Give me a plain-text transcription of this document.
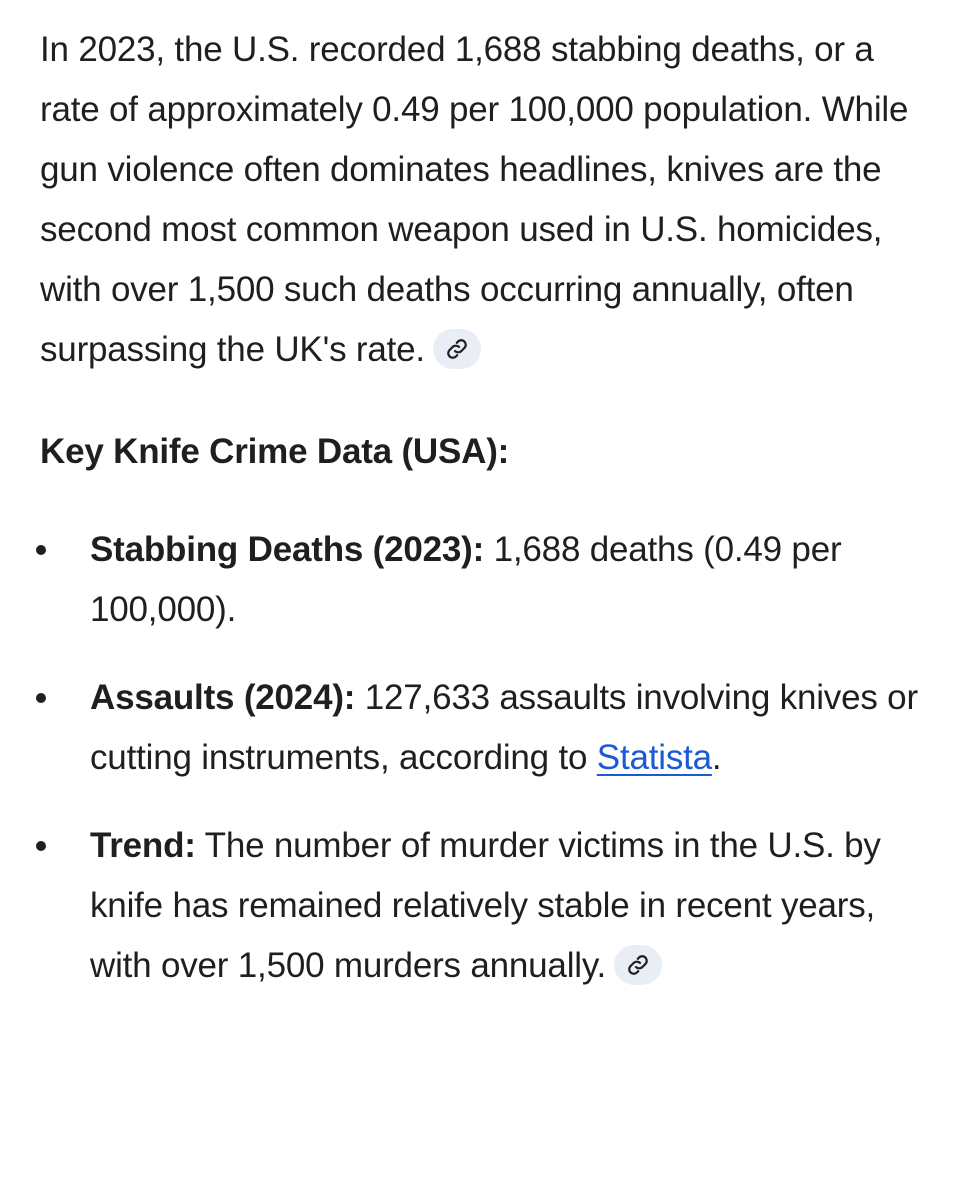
In 2023, the U.S. recorded 1,688 stabbing deaths, or a rate of approximately 0.49 per 100,000 population. While gun violence often dominates headlines, knives are the second most common weapon used in U.S. homicides, with over 1,500 such deaths occurring annually, often surpassing the UK's rate.

Key Knife Crime Data (USA):
Stabbing Deaths (2023): 1,688 deaths (0.49 per 100,000).
Assaults (2024): 127,633 assaults involving knives or cutting instruments, according to Statista.
Trend: The number of murder victims in the U.S. by knife has remained relatively stable in recent years, with over 1,500 murders annually.
